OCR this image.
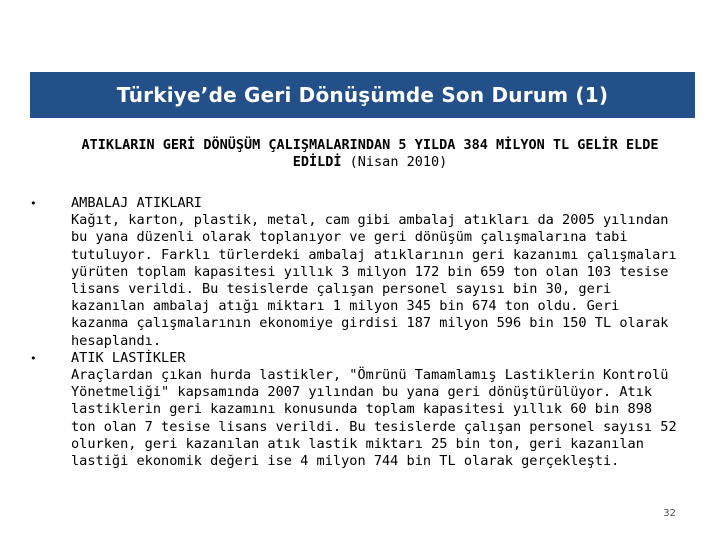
Türkiye’de Geri Dönüşümde Son Durum (1)
ATIKLARIN GERİ DÖNÜŞÜM ÇALIŞMALARINDAN 5 YILDA 384 MİLYON TL GELİR ELDE EDİLDİ (Nisan 2010)
•	AMBALAJ ATIKLARI
Kağıt, karton, plastik, metal, cam gibi ambalaj atıkları da 2005 yılından bu yana düzenli olarak toplanıyor ve geri dönüşüm çalışmalarına tabi tutuluyor. Farklı türlerdeki ambalaj atıklarının geri kazanımı çalışmaları yürüten toplam kapasitesi yıllık 3 milyon 172 bin 659 ton olan 103 tesise lisans verildi. Bu tesislerde çalışan personel sayısı bin 30, geri kazanılan ambalaj atığı miktarı 1 milyon 345 bin 674 ton oldu. Geri kazanma çalışmalarının ekonomiye girdisi 187 milyon 596 bin 150 TL olarak hesaplandı.
•	ATIK LASTİKLER
Araçlardan çıkan hurda lastikler, "Ömrünü Tamamlamış Lastiklerin Kontrolü Yönetmeliği" kapsamında 2007 yılından bu yana geri dönüştürülüyor. Atık lastiklerin geri kazamını konusunda toplam kapasitesi yıllık 60 bin 898 ton olan 7 tesise lisans verildi. Bu tesislerde çalışan personel sayısı 52 olurken, geri kazanılan atık lastik miktarı 25 bin ton, geri kazanılan lastiği ekonomik değeri ise 4 milyon 744 bin TL olarak gerçekleşti.
32
